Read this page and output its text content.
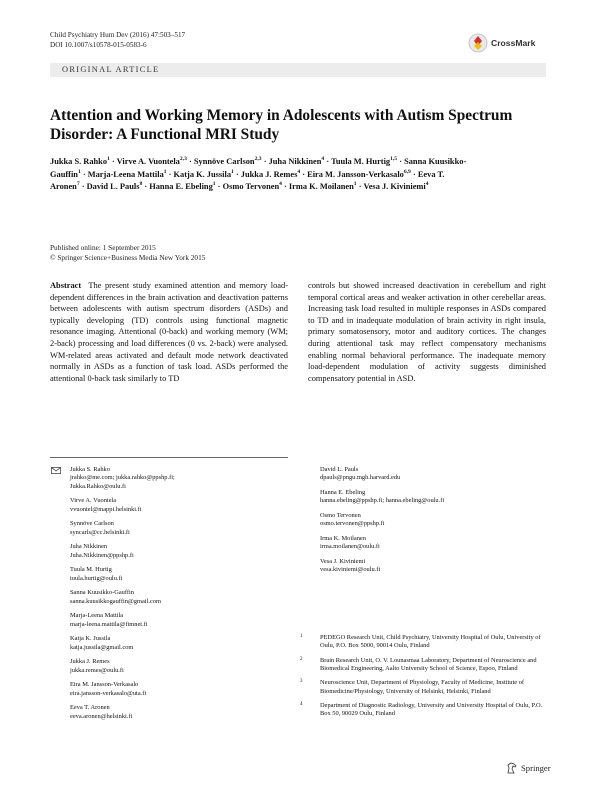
Child Psychiatry Hum Dev (2016) 47:503–517
DOI 10.1007/s10578-015-0583-6	CrossMark
ORIGINAL ARTICLE
Attention and Working Memory in Adolescents with Autism Spectrum Disorder: A Functional MRI Study
Jukka S. Rahko$^1$ · Virve A. Vuontela$^{2,3}$ · Synnöve Carlson$^{2,3}$ · Juha Nikkinen$^4$ · Tuula M. Hurtig$^{1,5}$ · Sanna Kuusikko-Gauffin$^1$ · Marja-Leena Mattila$^1$ · Katja K. Jussila$^1$ · Jukka J. Remes$^4$ · Eira M. Jansson-Verkasalo$^{6,9}$ · Eeva T. Aronen$^7$ · David L. Pauls$^8$ · Hanna E. Ebeling$^1$ · Osmo Tervonen$^4$ · Irma K. Moilanen$^1$ · Vesa J. Kiviniemi$^4$
Published online: 1 September 2015
© Springer Science+Business Media New York 2015
Abstract The present study examined attention and memory load-dependent differences in the brain activation and deactivation patterns between adolescents with autism spectrum disorders (ASDs) and typically developing (TD) controls using functional magnetic resonance imaging. Attentional (0-back) and working memory (WM; 2-back) processing and load differences (0 vs. 2-back) were analysed. WM-related areas activated and default mode network deactivated normally in ASDs as a function of task load. ASDs performed the attentional 0-back task similarly to TD
controls but showed increased deactivation in cerebellum and right temporal cortical areas and weaker activation in other cerebellar areas. Increasing task load resulted in multiple responses in ASDs compared to TD and in inadequate modulation of brain activity in right insula, primary somatosensory, motor and auditory cortices. The changes during attentional task may reflect compensatory mechanisms enabling normal behavioral performance. The inadequate memory load-dependent modulation of activity suggests diminished compensatory potential in ASD.
Jukka S. Rahko
jrahko@me.com; jukka.rahko@ppshp.fi;
Jukka.Rahko@oulu.fi
Virve A. Vuontela
vvuontel@mappi.helsinki.fi
Synnöve Carlson
syncarls@cc.helsinki.fi
Juha Nikkinen
Juha.Nikkinen@ppshp.fi
Tuula M. Hurtig
tuula.hurtig@oulu.fi
Sanna Kuusikko-Gauffin
sanna.kuusikkogauffin@gmail.com
Marja-Leena Mattila
marja-leena.mattila@fimnet.fi
Katja K. Jussila
katja.jussila@gmail.com
Jukka J. Remes
jukka.remes@oulu.fi
Eira M. Jansson-Verkasalo
eira.jansson-verkasalo@uta.fi
Eeva T. Aronen
eeva.aronen@helsinki.fi
David L. Pauls
dpauls@pngu.mgh.harvard.edu
Hanna E. Ebeling
hanna.ebeling@ppshp.fi; hanna.ebeling@oulu.fi
Osmo Tervonen
osmo.tervonen@ppshp.fi
Irma K. Moilanen
irma.moilanen@oulu.fi
Vesa J. Kiviniemi
vesa.kiviniemi@oulu.fi
1	PEDEGO Research Unit, Child Psychiatry, University Hospital of Oulu, University of Oulu, P.O. Box 5000, 90014 Oulu, Finland
2	Brain Research Unit, O. V. Lounasmaa Laboratory, Department of Neuroscience and Biomedical Engineering, Aalto University School of Science, Espoo, Finland
3	Neuroscience Unit, Department of Physiology, Faculty of Medicine, Institute of Biomedicine/Physiology, University of Helsinki, Helsinki, Finland
4	Department of Diagnostic Radiology, University and University Hospital of Oulu, P.O. Box 50, 90029 Oulu, Finland
Springer
